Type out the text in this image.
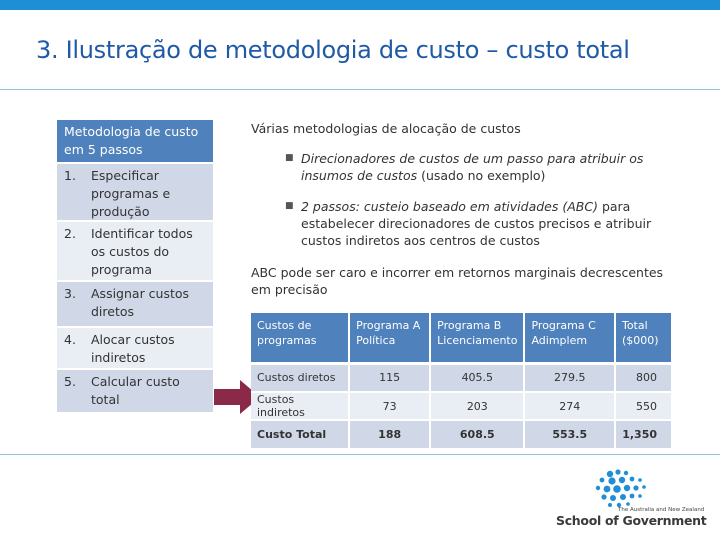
3. Ilustração de metodologia de custo – custo total
Metodologia de custo em 5 passos
1.	Especificar programas e produção
2.	Identificar todos os custos do programa
3.	Assignar custos diretos
4.	Alocar custos indiretos
5.	Calcular custo total
Várias metodologias de alocação de custos
■ Direcionadores de custos de um passo para atribuir os insumos de custos (usado no exemplo)
■ 2 passos: custeio baseado em atividades (ABC) para estabelecer direcionadores de custos precisos e atribuir custos indiretos aos centros de custos
ABC pode ser caro e incorrer em retornos marginais decrescentes em precisão
Custos de programas	Programa A Política	Programa B Licenciamento	Programa C Adimplem	Total ($000)
Custos diretos	115	405.5	279.5	800
Custos indiretos	73	203	274	550
Custo Total	188	608.5	553.5	1,350
The Australia and New Zealand
School of Government
